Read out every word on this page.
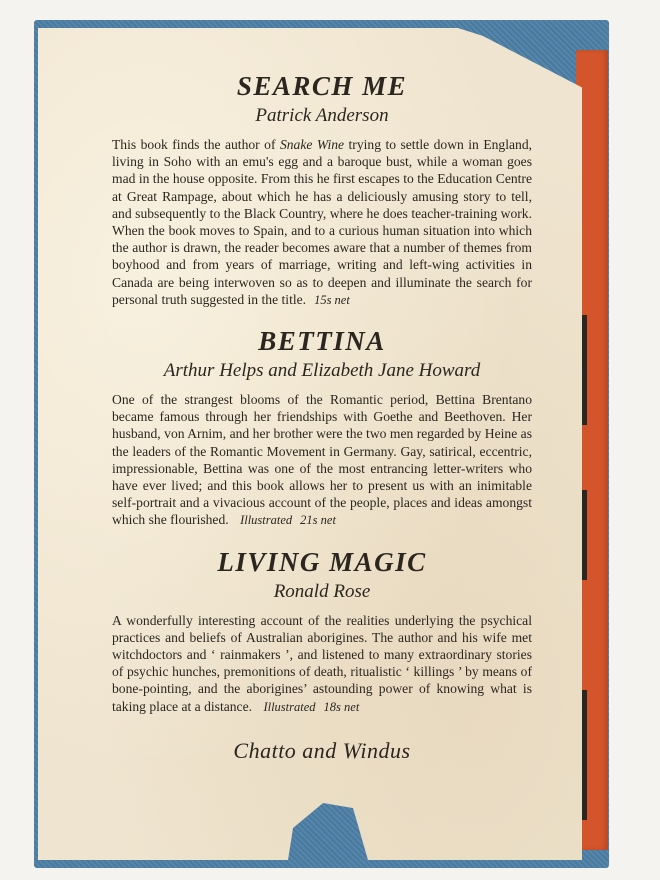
SEARCH ME
Patrick Anderson

This book finds the author of Snake Wine trying to settle down in England, living in Soho with an emu's egg and a baroque bust, while a woman goes mad in the house opposite. From this he first escapes to the Education Centre at Great Rampage, about which he has a deliciously amusing story to tell, and subsequently to the Black Country, where he does teacher-training work. When the book moves to Spain, and to a curious human situation into which the author is drawn, the reader becomes aware that a number of themes from boyhood and from years of marriage, writing and left-wing activities in Canada are being interwoven so as to deepen and illuminate the search for personal truth suggested in the title. 15s net

BETTINA
Arthur Helps and Elizabeth Jane Howard

One of the strangest blooms of the Romantic period, Bettina Brentano became famous through her friendships with Goethe and Beethoven. Her husband, von Arnim, and her brother were the two men regarded by Heine as the leaders of the Romantic Movement in Germany. Gay, satirical, eccentric, impressionable, Bettina was one of the most entrancing letter-writers who have ever lived; and this book allows her to present us with an inimitable self-portrait and a vivacious account of the people, places and ideas amongst which she flourished. Illustrated 21s net

LIVING MAGIC
Ronald Rose

A wonderfully interesting account of the realities underlying the psychical practices and beliefs of Australian aborigines. The author and his wife met witchdoctors and ‘ rainmakers ’, and listened to many extraordinary stories of psychic hunches, premonitions of death, ritualistic ‘ killings ’ by means of bone-pointing, and the aborigines’ astounding power of knowing what is taking place at a distance. Illustrated 18s net

Chatto and Windus
